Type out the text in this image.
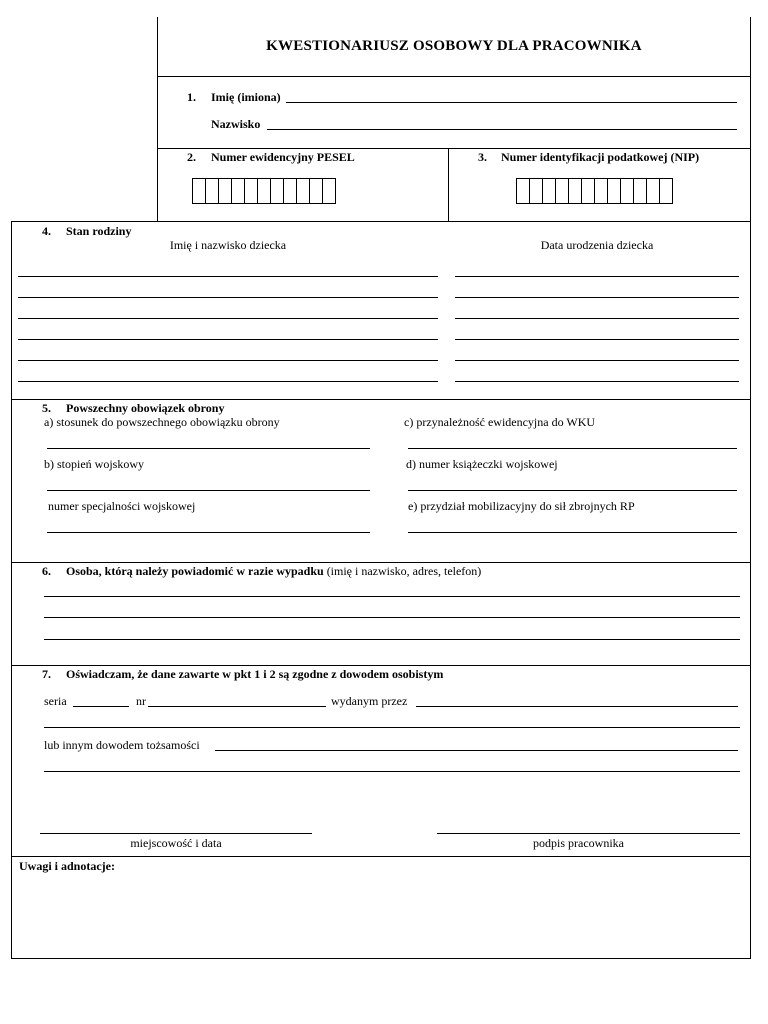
KWESTIONARIUSZ OSOBOWY DLA PRACOWNIKA
1. Imię (imiona)
Nazwisko
2. Numer ewidencyjny PESEL	3. Numer identyfikacji podatkowej (NIP)
4. Stan rodziny
Imię i nazwisko dziecka	Data urodzenia dziecka
5. Powszechny obowiązek obrony
a) stosunek do powszechnego obowiązku obrony
b) stopień wojskowy
numer specjalności wojskowej
c) przynależność ewidencyjna do WKU
d) numer książeczki wojskowej
e) przydział mobilizacyjny do sił zbrojnych RP
6. Osoba, którą należy powiadomić w razie wypadku (imię i nazwisko, adres, telefon)
7. Oświadczam, że dane zawarte w pkt 1 i 2 są zgodne z dowodem osobistym
seria	nr	wydanym przez
lub innym dowodem tożsamości
miejscowość i data	podpis pracownika
Uwagi i adnotacje:
